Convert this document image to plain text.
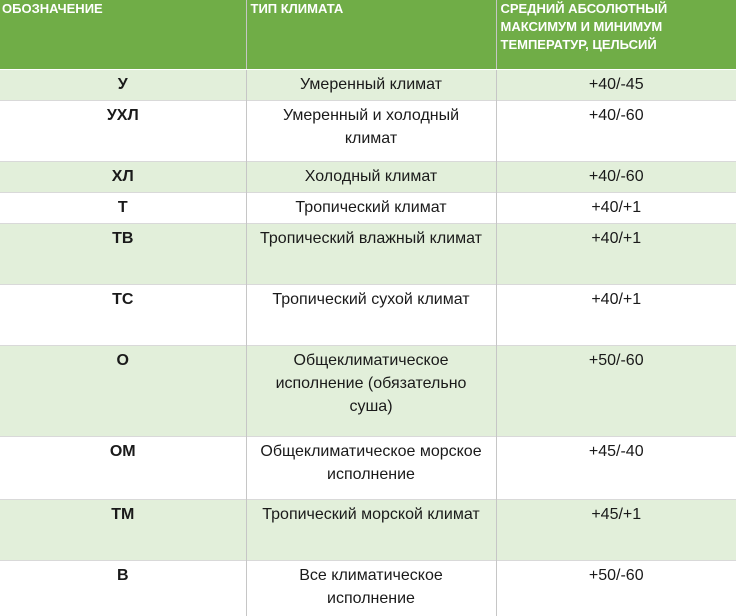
ОБОЗНАЧЕНИЕ	ТИП КЛИМАТА	СРЕДНИЙ АБСОЛЮТНЫЙ МАКСИМУМ И МИНИМУМ ТЕМПЕРАТУР, ЦЕЛЬСИЙ
У	Умеренный климат	+40/-45
УХЛ	Умеренный и холодный климат	+40/-60
ХЛ	Холодный климат	+40/-60
Т	Тропический климат	+40/+1
ТВ	Тропический влажный климат	+40/+1
ТС	Тропический сухой климат	+40/+1
О	Общеклиматическое исполнение (обязательно суша)	+50/-60
ОМ	Общеклиматическое морское исполнение	+45/-40
ТМ	Тропический морской климат	+45/+1
В	Все климатическое исполнение	+50/-60
